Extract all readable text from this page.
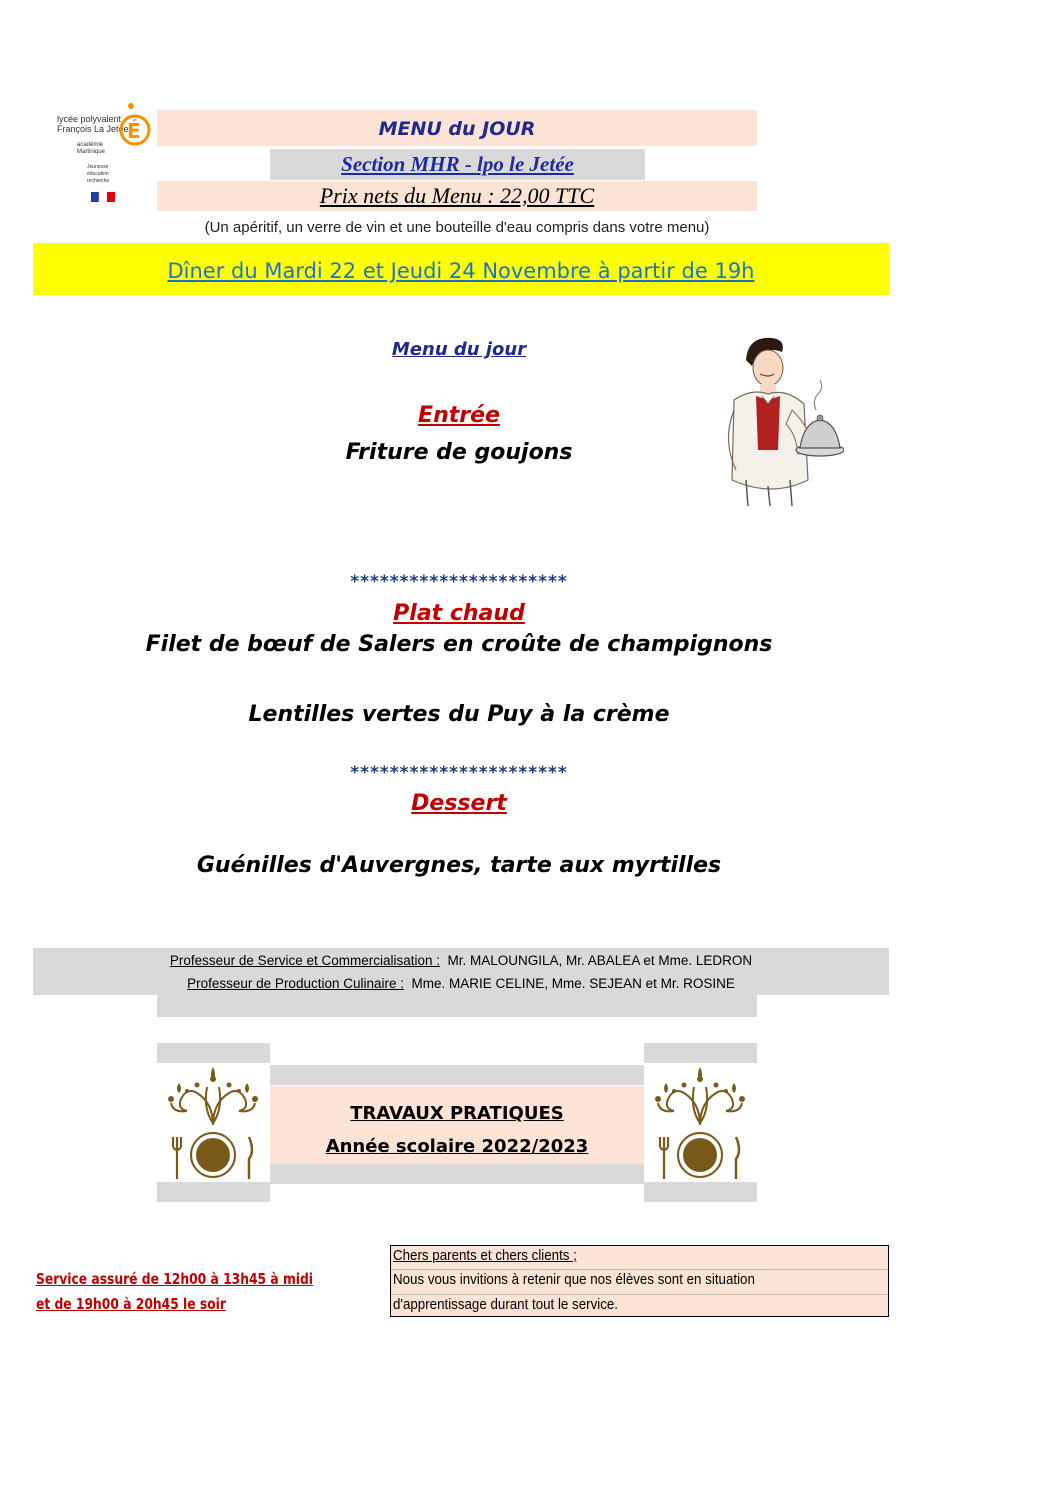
lycée polyvalent
François La Jetée
É
académie
Martinique
Jeunesse
éducation
recherche
MENU du JOUR
Section MHR - lpo le Jetée
Prix nets du Menu : 22,00 TTC
(Un apéritif, un verre de vin et une bouteille d'eau compris dans votre menu)
Dîner du Mardi 22 et Jeudi 24 Novembre à partir de 19h
Menu du jour
Entrée
Friture de goujons
**********************
Plat chaud
Filet de bœuf de Salers en croûte de champignons
Lentilles vertes du Puy à la crème
**********************
Dessert
Guénilles d'Auvergnes, tarte aux myrtilles
Professeur de Service et Commercialisation : Mr. MALOUNGILA, Mr. ABALEA et Mme. LEDRON
Professeur de Production Culinaire : Mme. MARIE CELINE, Mme. SEJEAN et Mr. ROSINE
TRAVAUX PRATIQUES
Année scolaire 2022/2023
Service assuré de 12h00 à 13h45 à midi
et de 19h00 à 20h45 le soir
Chers parents et chers clients ;
Nous vous invitions à retenir que nos élèves sont en situation
d'apprentissage durant tout le service.
